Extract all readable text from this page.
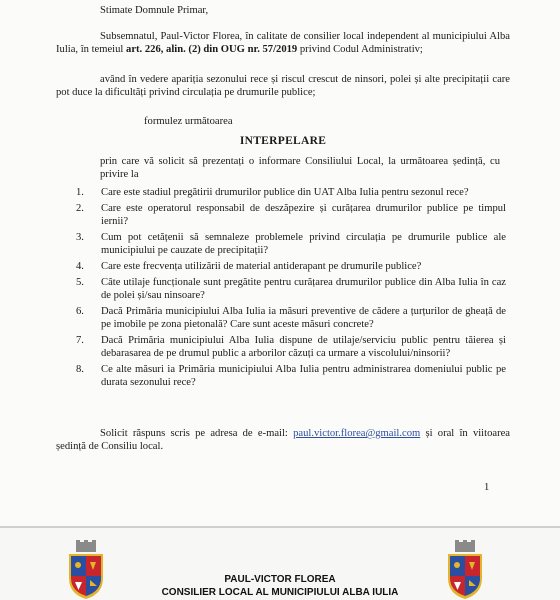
Stimate Domnule Primar,
Subsemnatul, Paul-Victor Florea, în calitate de consilier local independent al municipiului Alba Iulia, în temeiul art. 226, alin. (2) din OUG nr. 57/2019 privind Codul Administrativ;
având în vedere apariția sezonului rece și riscul crescut de ninsori, polei și alte precipitații care pot duce la dificultăți privind circulația pe drumurile publice;
formulez următoarea
INTERPELARE
prin care vă solicit să prezentați o informare Consiliului Local, la următoarea ședință, cu privire la
1. Care este stadiul pregătirii drumurilor publice din UAT Alba Iulia pentru sezonul rece?
2. Care este operatorul responsabil de deszăpezire și curățarea drumurilor publice pe timpul iernii?
3. Cum pot cetățenii să semnaleze problemele privind circulația pe drumurile publice ale municipiului pe cauzate de precipitații?
4. Care este frecvența utilizării de material antiderapant pe drumurile publice?
5. Câte utilaje funcționale sunt pregătite pentru curățarea drumurilor publice din Alba Iulia în caz de polei și/sau ninsoare?
6. Dacă Primăria municipiului Alba Iulia ia măsuri preventive de cădere a țurțurilor de gheață de pe imobile pe zona pietonală? Care sunt aceste măsuri concrete?
7. Dacă Primăria municipiului Alba Iulia dispune de utilaje/serviciu public pentru tăierea și debarasarea de pe drumul public a arborilor căzuți ca urmare a viscolului/ninsorii?
8. Ce alte măsuri ia Primăria municipiului Alba Iulia pentru administrarea domeniului public pe durata sezonului rece?
Solicit răspuns scris pe adresa de e-mail: paul.victor.florea@gmail.com și oral în viitoarea ședință de Consiliu local.
1
PAUL-VICTOR FLOREA
CONSILIER LOCAL AL MUNICIPIULUI ALBA IULIA
